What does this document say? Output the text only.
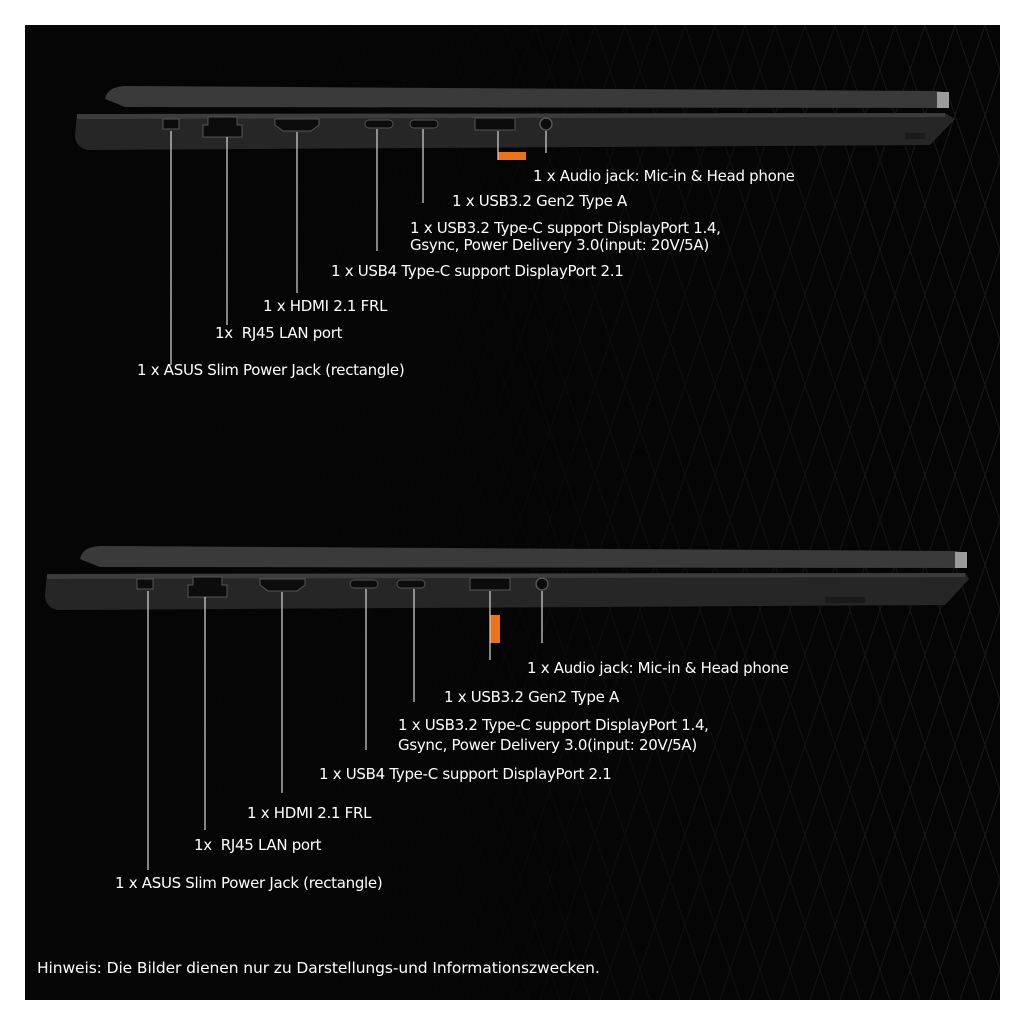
1 x Audio jack: Mic-in & Head phone
1 x USB3.2 Gen2 Type A
1 x USB3.2 Type-C support DisplayPort 1.4,
Gsync, Power Delivery 3.0(input: 20V/5A)
1 x USB4 Type-C support DisplayPort 2.1
1 x HDMI 2.1 FRL
1x  RJ45 LAN port
1 x ASUS Slim Power Jack (rectangle)
1 x Audio jack: Mic-in & Head phone
1 x USB3.2 Gen2 Type A
1 x USB3.2 Type-C support DisplayPort 1.4,
Gsync, Power Delivery 3.0(input: 20V/5A)
1 x USB4 Type-C support DisplayPort 2.1
1 x HDMI 2.1 FRL
1x  RJ45 LAN port
1 x ASUS Slim Power Jack (rectangle)
Hinweis: Die Bilder dienen nur zu Darstellungs-und Informationszwecken.
